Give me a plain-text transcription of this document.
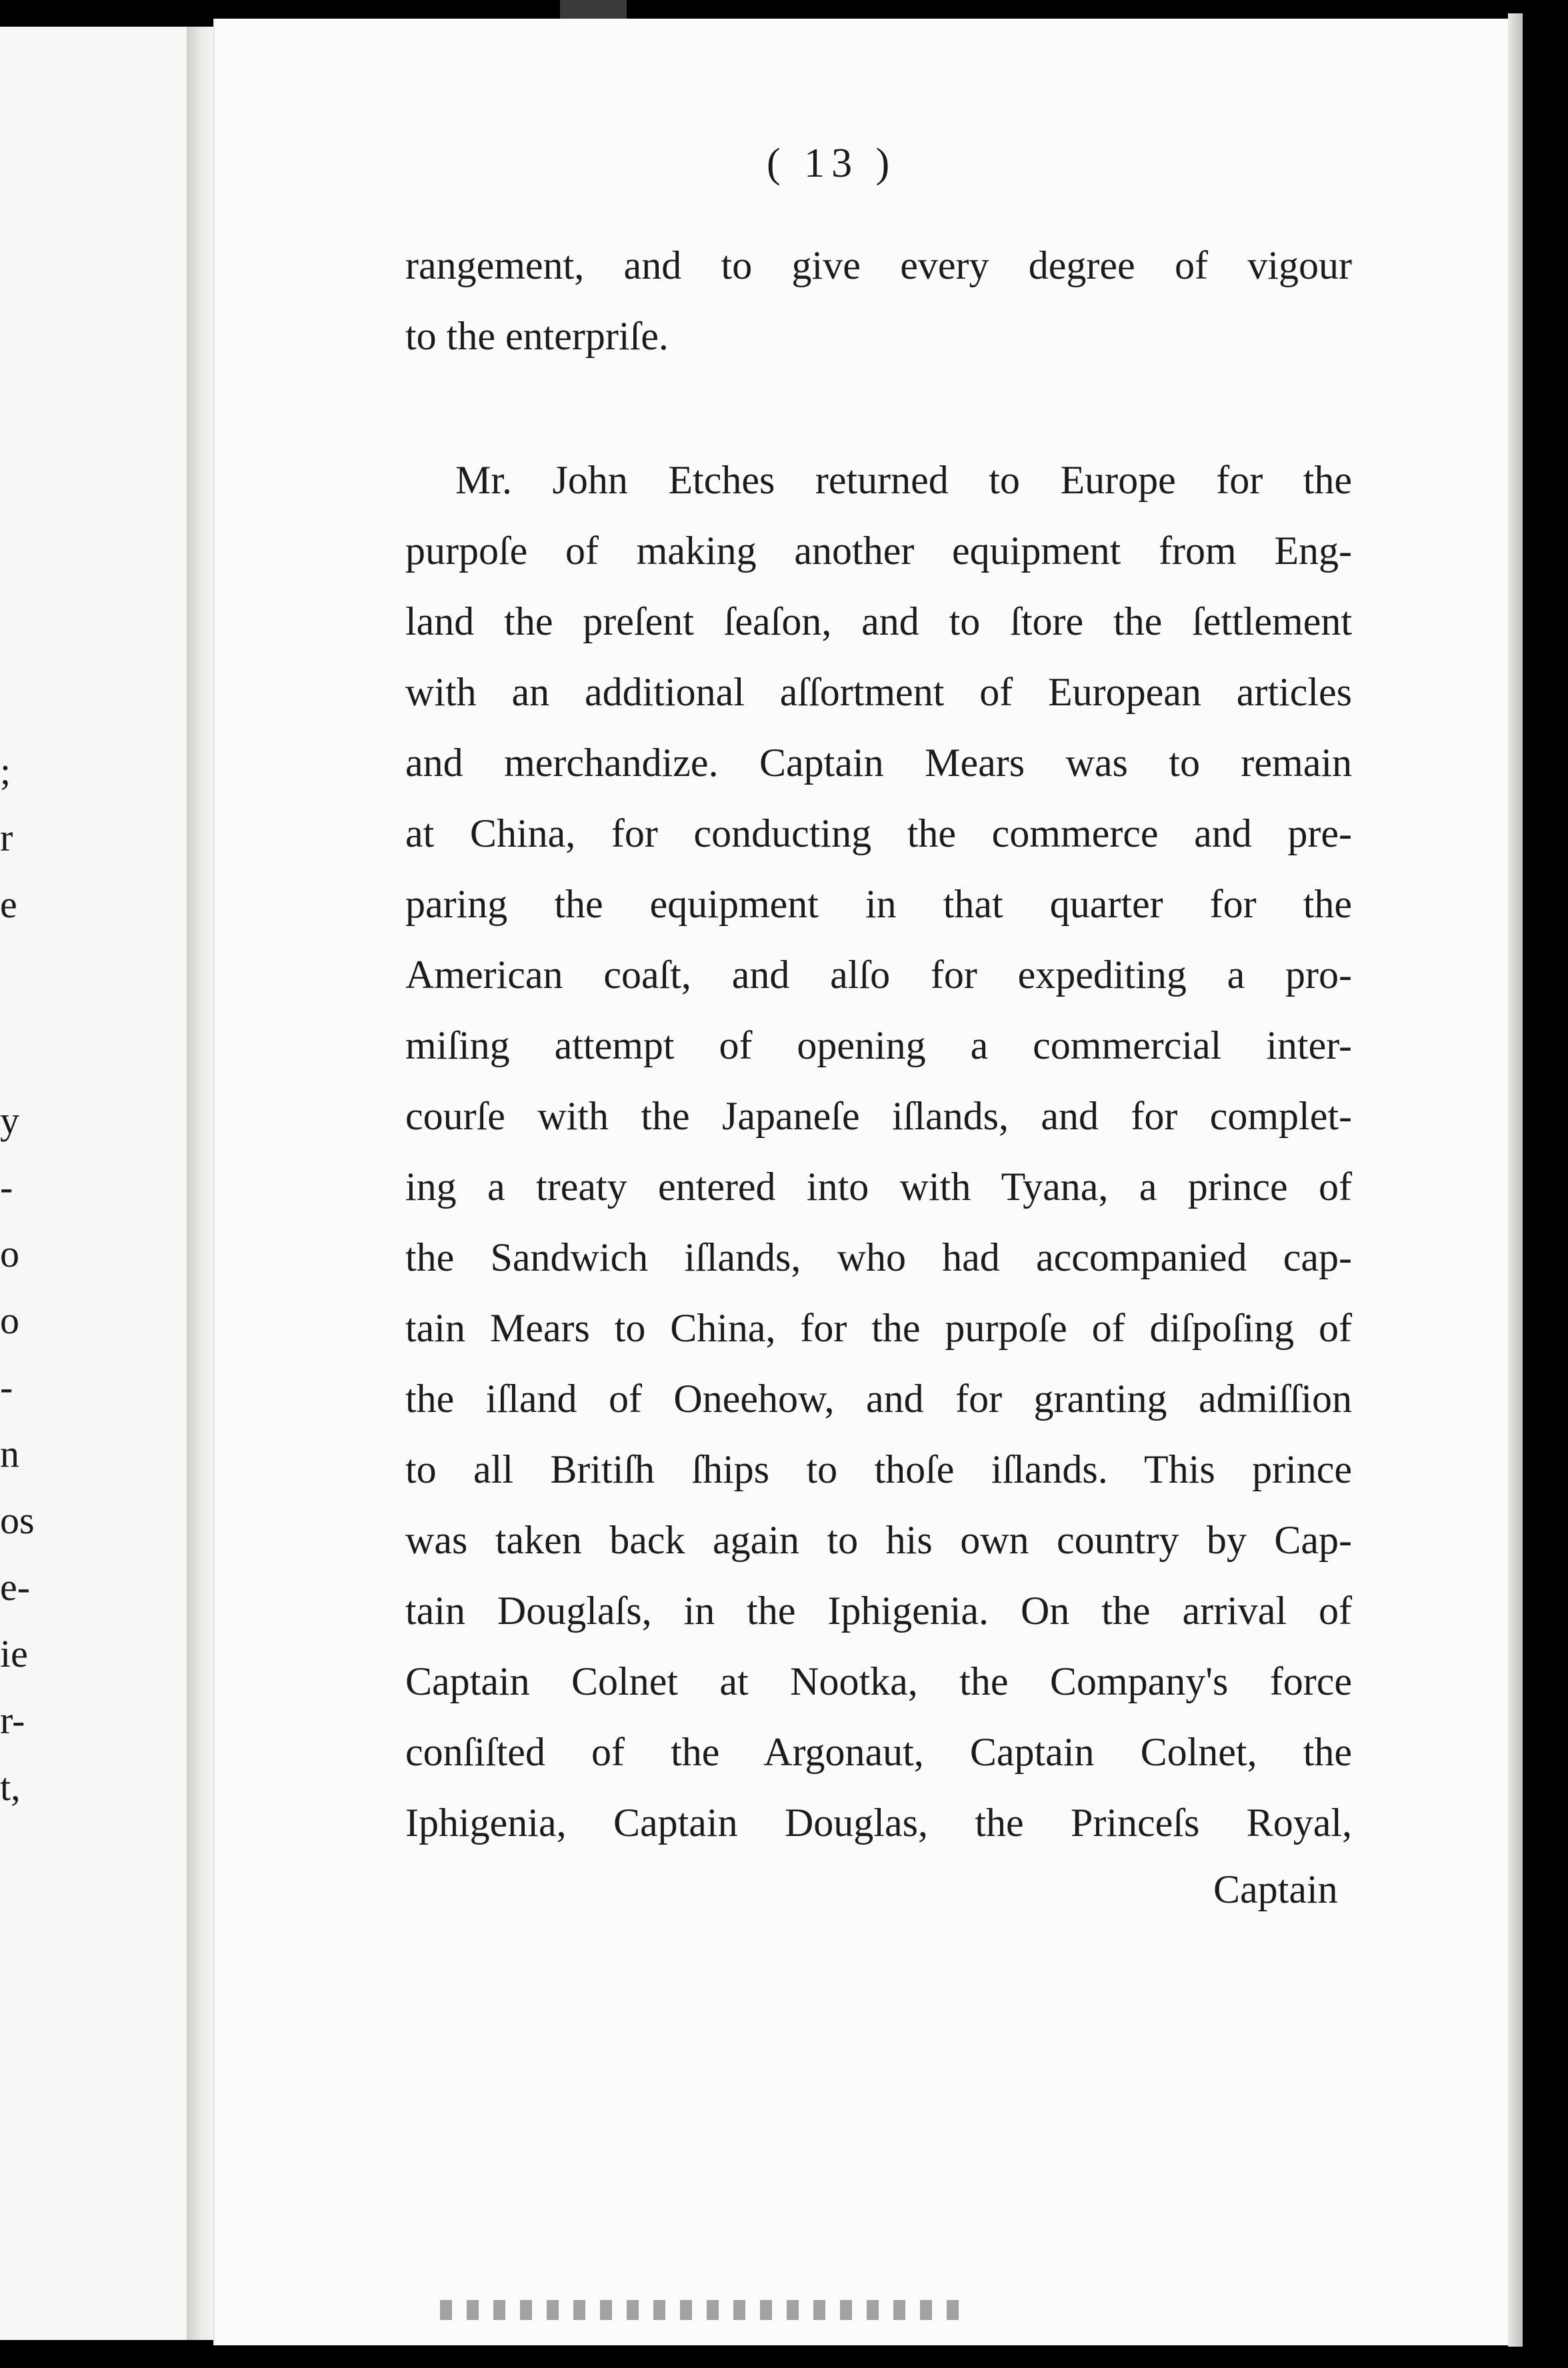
;
r
e
y
-
o
o
-
n
os
e-
ie
r-
t,
( 13 )
rangement, and to give every degree of vigour
to the enterpriſe.
Mr. John Etches returned to Europe for the
purpoſe of making another equipment from Eng-
land the preſent ſeaſon, and to ſtore the ſettlement
with an additional aſſortment of European articles
and merchandize. Captain Mears was to remain
at China, for conducting the commerce and pre-
paring the equipment in that quarter for the
American coaſt, and alſo for expediting a pro-
miſing attempt of opening a commercial inter-
courſe with the Japaneſe iſlands, and for complet-
ing a treaty entered into with Tyana, a prince of
the Sandwich iſlands, who had accompanied cap-
tain Mears to China, for the purpoſe of diſpoſing of
the iſland of Oneehow, and for granting admiſſion
to all Britiſh ſhips to thoſe iſlands. This prince
was taken back again to his own country by Cap-
tain Douglaſs, in the Iphigenia. On the arrival of
Captain Colnet at Nootka, the Company's force
conſiſted of the Argonaut, Captain Colnet, the
Iphigenia, Captain Douglas, the Princeſs Royal,
Captain
